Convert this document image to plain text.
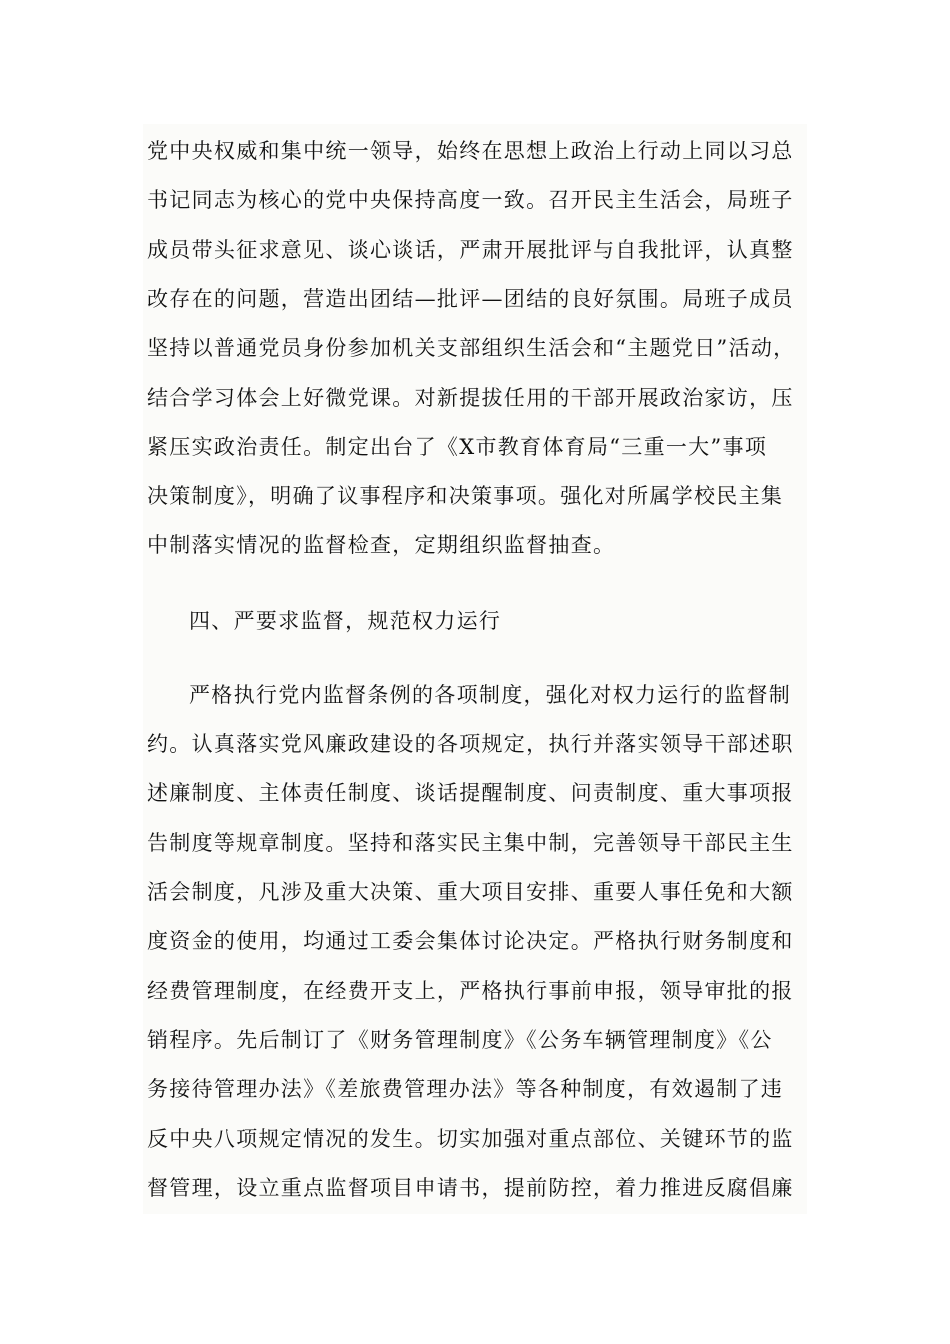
党中央权威和集中统一领导，始终在思想上政治上行动上同以习总
书记同志为核心的党中央保持高度一致。召开民主生活会，局班子
成员带头征求意见、谈心谈话，严肃开展批评与自我批评，认真整
改存在的问题，营造出团结—批评—团结的良好氛围。局班子成员
坚持以普通党员身份参加机关支部组织生活会和“主题党日”活动，
结合学习体会上好微党课。对新提拔任用的干部开展政治家访，压
紧压实政治责任。制定出台了《X市教育体育局“三重一大”事项
决策制度》，明确了议事程序和决策事项。强化对所属学校民主集
中制落实情况的监督检查，定期组织监督抽查。
四、严要求监督，规范权力运行
严格执行党内监督条例的各项制度，强化对权力运行的监督制
约。认真落实党风廉政建设的各项规定，执行并落实领导干部述职
述廉制度、主体责任制度、谈话提醒制度、问责制度、重大事项报
告制度等规章制度。坚持和落实民主集中制，完善领导干部民主生
活会制度，凡涉及重大决策、重大项目安排、重要人事任免和大额
度资金的使用，均通过工委会集体讨论决定。严格执行财务制度和
经费管理制度，在经费开支上，严格执行事前申报，领导审批的报
销程序。先后制订了《财务管理制度》《公务车辆管理制度》《公
务接待管理办法》《差旅费管理办法》等各种制度，有效遏制了违
反中央八项规定情况的发生。切实加强对重点部位、关键环节的监
督管理，设立重点监督项目申请书，提前防控，着力推进反腐倡廉
